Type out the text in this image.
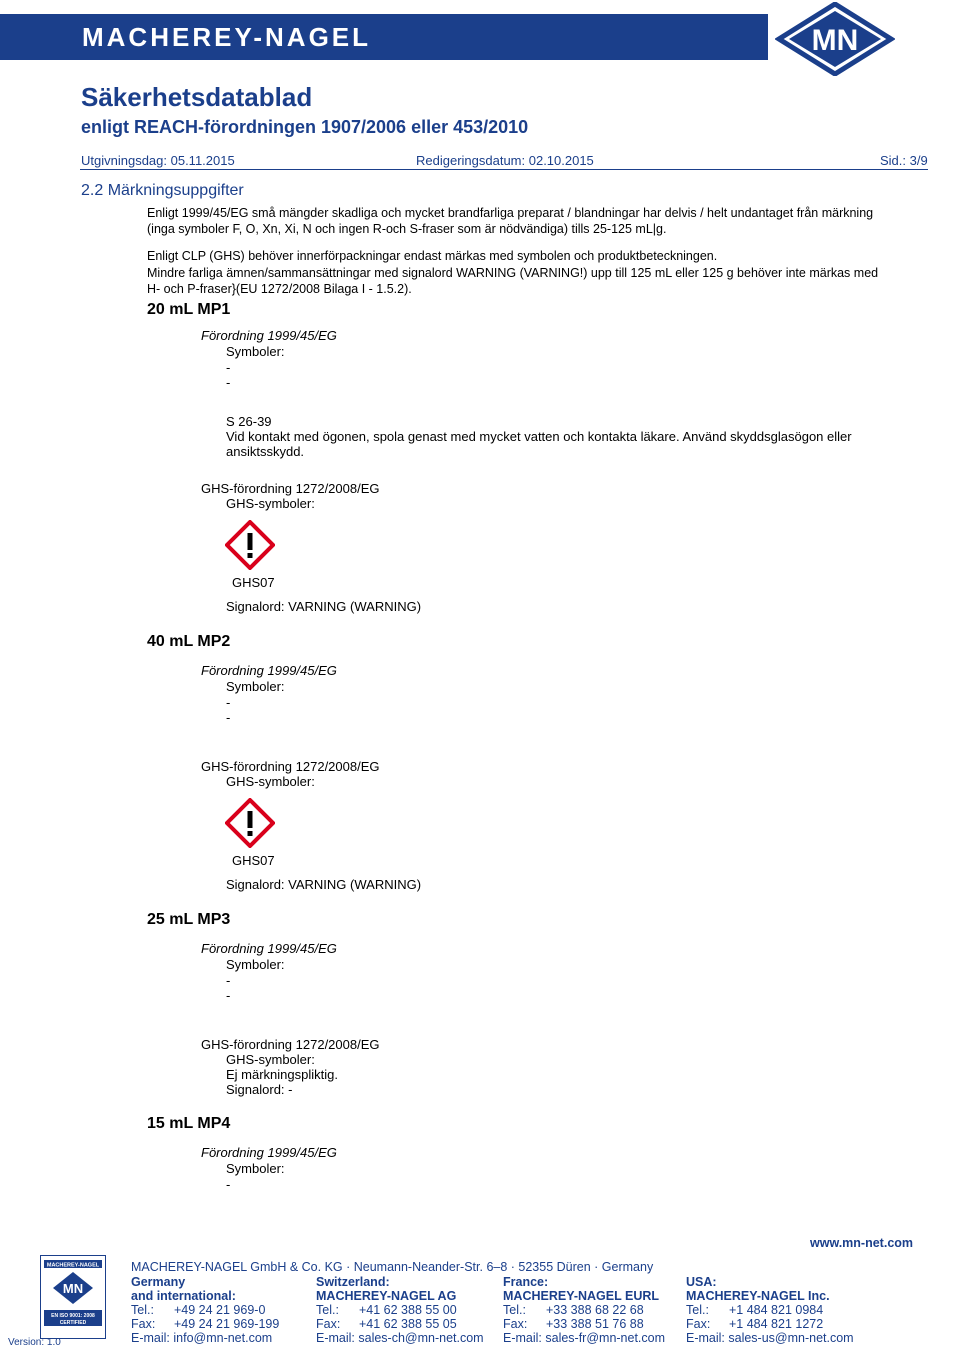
MACHEREY-NAGEL	MN
Säkerhetsdatablad
enligt REACH-förordningen 1907/2006 eller 453/2010
Utgivningsdag: 05.11.2015	Redigeringsdatum: 02.10.2015	Sid.: 3/9
2.2 Märkningsuppgifter
Enligt 1999/45/EG små mängder skadliga och mycket brandfarliga preparat / blandningar har delvis / helt undantaget från märkning
(inga symboler F, O, Xn, Xi, N och ingen R-och S-fraser som är nödvändiga) tills 25-125 mL|g.
Enligt CLP (GHS) behöver innerförpackningar endast märkas med symbolen och produktbeteckningen.
Mindre farliga ämnen/sammansättningar med signalord WARNING (VARNING!) upp till 125 mL eller 125 g behöver inte märkas med
H- och P-fraser}(EU 1272/2008 Bilaga I - 1.5.2).
20 mL MP1
Förordning 1999/45/EG
Symboler:
-
-
S 26-39
Vid kontakt med ögonen, spola genast med mycket vatten och kontakta läkare. Använd skyddsglasögon eller
ansiktsskydd.
GHS-förordning 1272/2008/EG
GHS-symboler:
GHS07
Signalord: VARNING (WARNING)
40 mL MP2
Förordning 1999/45/EG
Symboler:
-
-
GHS-förordning 1272/2008/EG
GHS-symboler:
GHS07
Signalord: VARNING (WARNING)
25 mL MP3
Förordning 1999/45/EG
Symboler:
-
-
GHS-förordning 1272/2008/EG
GHS-symboler:
Ej märkningspliktig.
Signalord: -
15 mL MP4
Förordning 1999/45/EG
Symboler:
-
www.mn-net.com
MACHEREY-NAGEL
MN
EN ISO 9001: 2008
CERTIFIED
Version: 1.0
MACHEREY-NAGEL GmbH & Co. KG · Neumann-Neander-Str. 6–8 · 52355 Düren · Germany
Germany
and international:
Tel.: +49 24 21 969-0
Fax: +49 24 21 969-199
E-mail: info@mn-net.com
Switzerland:
MACHEREY-NAGEL AG
Tel.: +41 62 388 55 00
Fax: +41 62 388 55 05
E-mail: sales-ch@mn-net.com
France:
MACHEREY-NAGEL EURL
Tel.: +33 388 68 22 68
Fax: +33 388 51 76 88
E-mail: sales-fr@mn-net.com
USA:
MACHEREY-NAGEL Inc.
Tel.: +1 484 821 0984
Fax: +1 484 821 1272
E-mail: sales-us@mn-net.com
